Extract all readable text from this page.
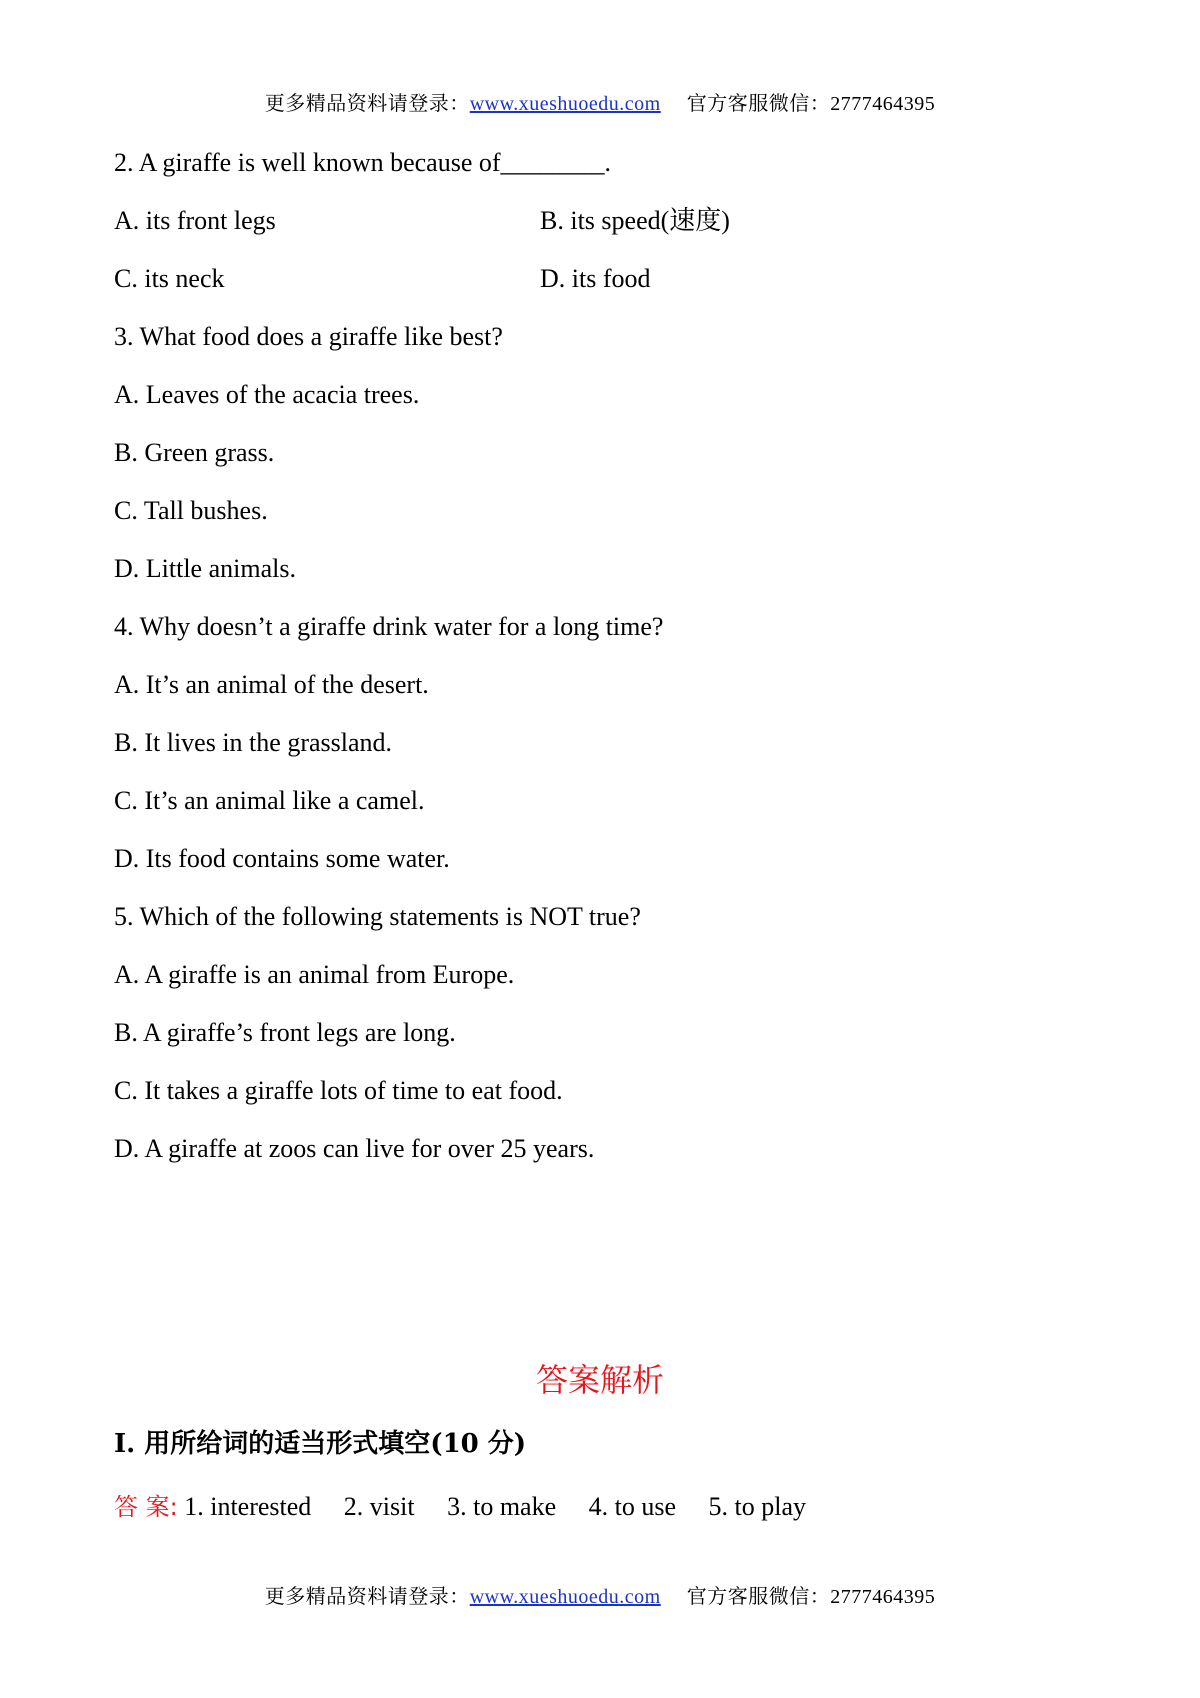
更多精品资料请登录：www.xueshuoedu.com 官方客服微信：2777464395
2. A giraffe is well known because of________.
A. its front legs	B. its speed(速度)
C. its neck	D. its food
3. What food does a giraffe like best?
A. Leaves of the acacia trees.
B. Green grass.
C. Tall bushes.
D. Little animals.
4. Why doesn’t a giraffe drink water for a long time?
A. It’s an animal of the desert.
B. It lives in the grassland.
C. It’s an animal like a camel.
D. Its food contains some water.
5. Which of the following statements is NOT true?
A. A giraffe is an animal from Europe.
B. A giraffe’s front legs are long.
C. It takes a giraffe lots of time to eat food.
D. A giraffe at zoos can live for over 25 years.
答案解析
Ⅰ. 用所给词的适当形式填空(10 分)
答 案: 1. interested 2. visit 3. to make 4. to use 5. to play
更多精品资料请登录：www.xueshuoedu.com 官方客服微信：2777464395
